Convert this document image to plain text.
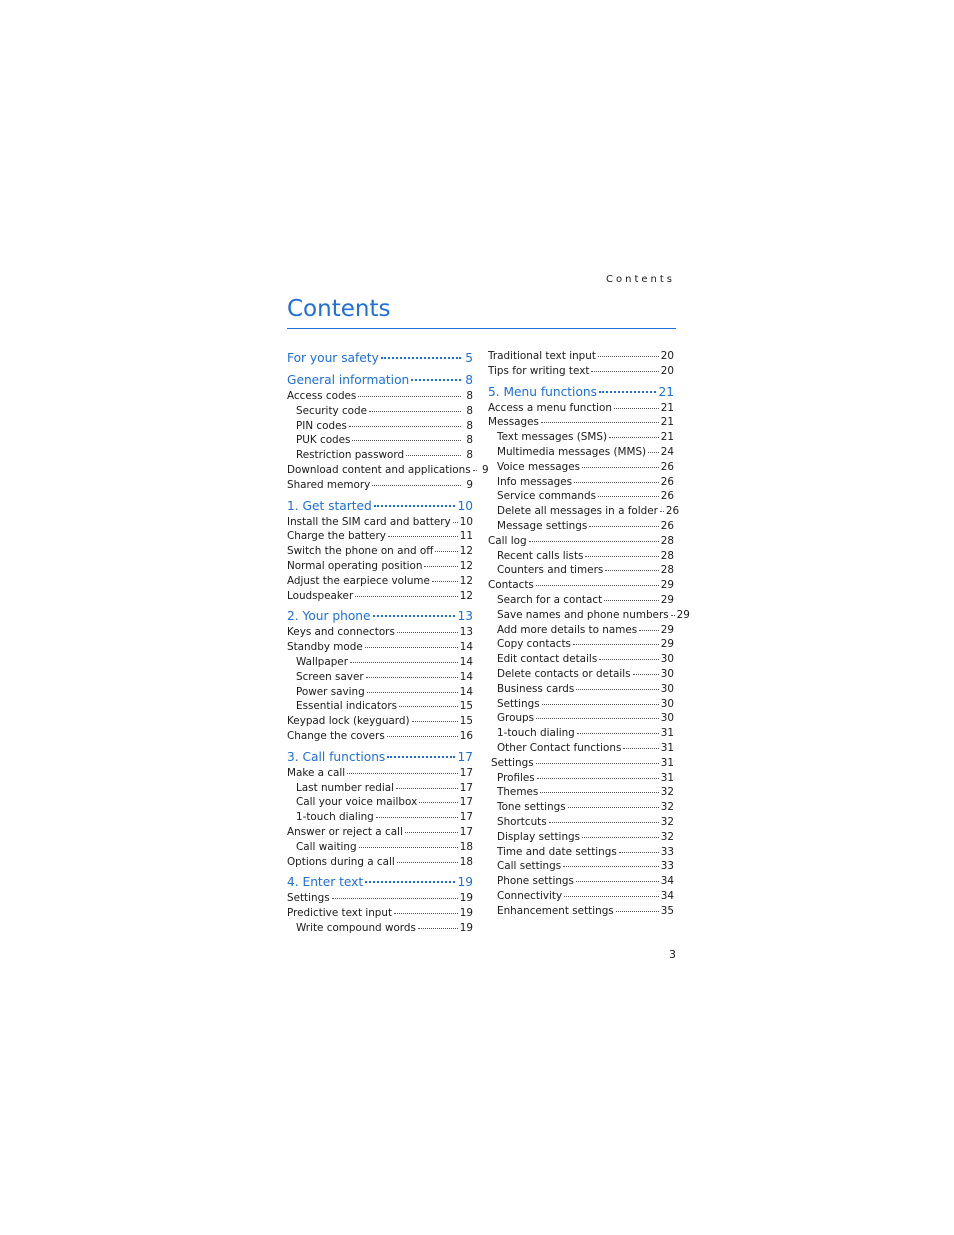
Contents
Contents
For your safety	5
General information	8
Access codes	8
Security code	8
PIN codes	8
PUK codes	8
Restriction password	8
Download content and applications	9
Shared memory	9
1. Get started	10
Install the SIM card and battery 10
Charge the battery	11
Switch the phone on and off	12
Normal operating position	12
Adjust the earpiece volume	12
Loudspeaker	12
2. Your phone	13
Keys and connectors	13
Standby mode	14
Wallpaper	14
Screen saver	14
Power saving	14
Essential indicators	15
Keypad lock (keyguard)	15
Change the covers	16
3. Call functions	17
Make a call	17
Last number redial	17
Call your voice mailbox	17
1-touch dialing	17
Answer or reject a call	17
Call waiting	18
Options during a call	18
4. Enter text	19
Settings	19
Predictive text input	19
Write compound words	19
Traditional text input	20
Tips for writing text	20
5. Menu functions	21
Access a menu function	21
Messages	21
Text messages (SMS)	21
Multimedia messages (MMS) 24
Voice messages	26
Info messages	26
Service commands	26
Delete all messages in a folder 26
Message settings	26
Call log	28
Recent calls lists	28
Counters and timers	28
Contacts	29
Search for a contact	29
Save names and phone numbers 29
Add more details to names 29
Copy contacts	29
Edit contact details	30
Delete contacts or details	30
Business cards	30
Settings	30
Groups	30
1-touch dialing	31
Other Contact functions	31
Settings	31
Profiles	31
Themes	32
Tone settings	32
Shortcuts	32
Display settings	32
Time and date settings	33
Call settings	33
Phone settings	34
Connectivity	34
Enhancement settings	35
3
